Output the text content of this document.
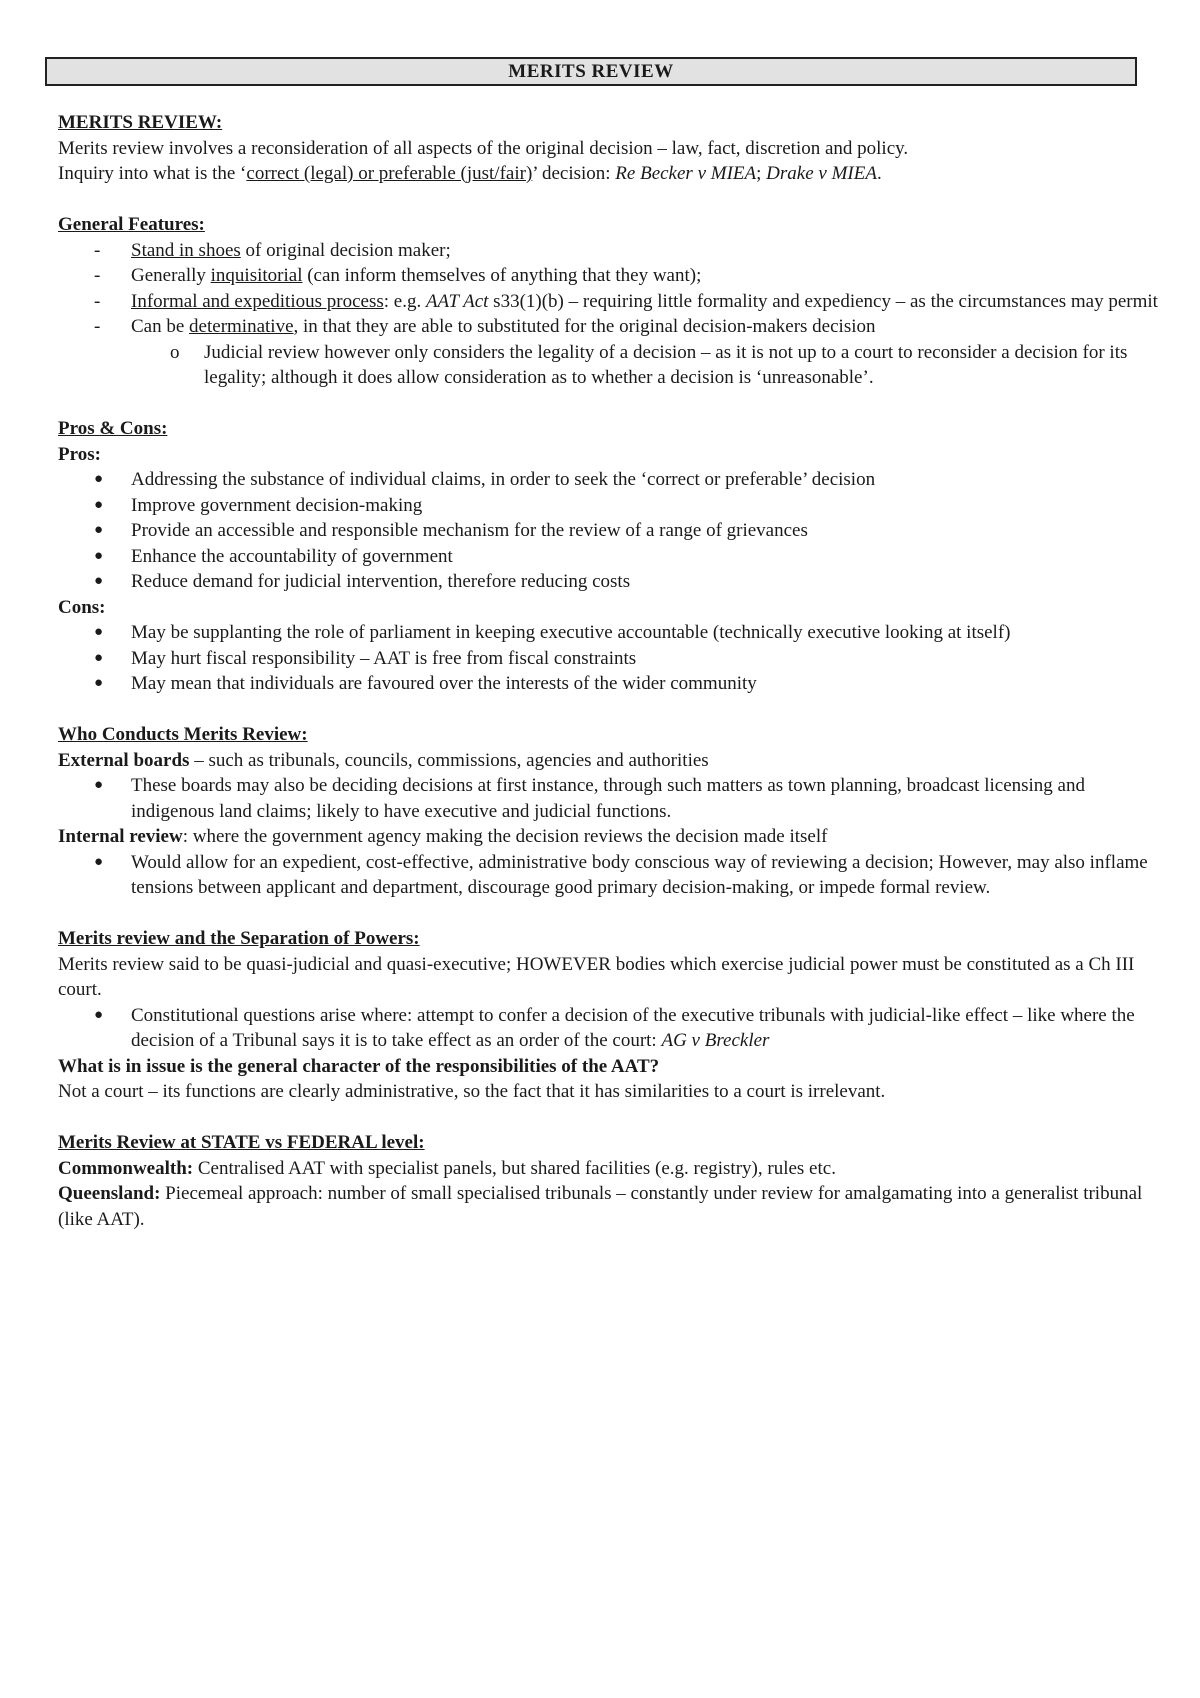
MERITS REVIEW

MERITS REVIEW:

Merits review involves a reconsideration of all aspects of the original decision – law, fact, discretion and policy.

Inquiry into what is the ‘correct (legal) or preferable (just/fair)’ decision: Re Becker v MIEA; Drake v MIEA.

General Features:

- Stand in shoes of original decision maker;
- Generally inquisitorial (can inform themselves of anything that they want);
- Informal and expeditious process: e.g. AAT Act s33(1)(b) – requiring little formality and expediency – as the circumstances may permit
- Can be determinative, in that they are able to substituted for the original decision-makers decision
o Judicial review however only considers the legality of a decision – as it is not up to a court to reconsider a decision for its legality; although it does allow consideration as to whether a decision is ‘unreasonable’.

Pros & Cons:

Pros:

● Addressing the substance of individual claims, in order to seek the ‘correct or preferable’ decision
● Improve government decision-making
● Provide an accessible and responsible mechanism for the review of a range of grievances
● Enhance the accountability of government
● Reduce demand for judicial intervention, therefore reducing costs

Cons:

● May be supplanting the role of parliament in keeping executive accountable (technically executive looking at itself)
● May hurt fiscal responsibility – AAT is free from fiscal constraints
● May mean that individuals are favoured over the interests of the wider community

Who Conducts Merits Review:

External boards – such as tribunals, councils, commissions, agencies and authorities

● These boards may also be deciding decisions at first instance, through such matters as town planning, broadcast licensing and indigenous land claims; likely to have executive and judicial functions.

Internal review: where the government agency making the decision reviews the decision made itself

● Would allow for an expedient, cost-effective, administrative body conscious way of reviewing a decision; However, may also inflame tensions between applicant and department, discourage good primary decision-making, or impede formal review.

Merits review and the Separation of Powers:

Merits review said to be quasi-judicial and quasi-executive; HOWEVER bodies which exercise judicial power must be constituted as a Ch III court.

● Constitutional questions arise where: attempt to confer a decision of the executive tribunals with judicial-like effect – like where the decision of a Tribunal says it is to take effect as an order of the court: AG v Breckler

What is in issue is the general character of the responsibilities of the AAT?

Not a court – its functions are clearly administrative, so the fact that it has similarities to a court is irrelevant.

Merits Review at STATE vs FEDERAL level:

Commonwealth: Centralised AAT with specialist panels, but shared facilities (e.g. registry), rules etc.

Queensland: Piecemeal approach: number of small specialised tribunals – constantly under review for amalgamating into a generalist tribunal (like AAT).
